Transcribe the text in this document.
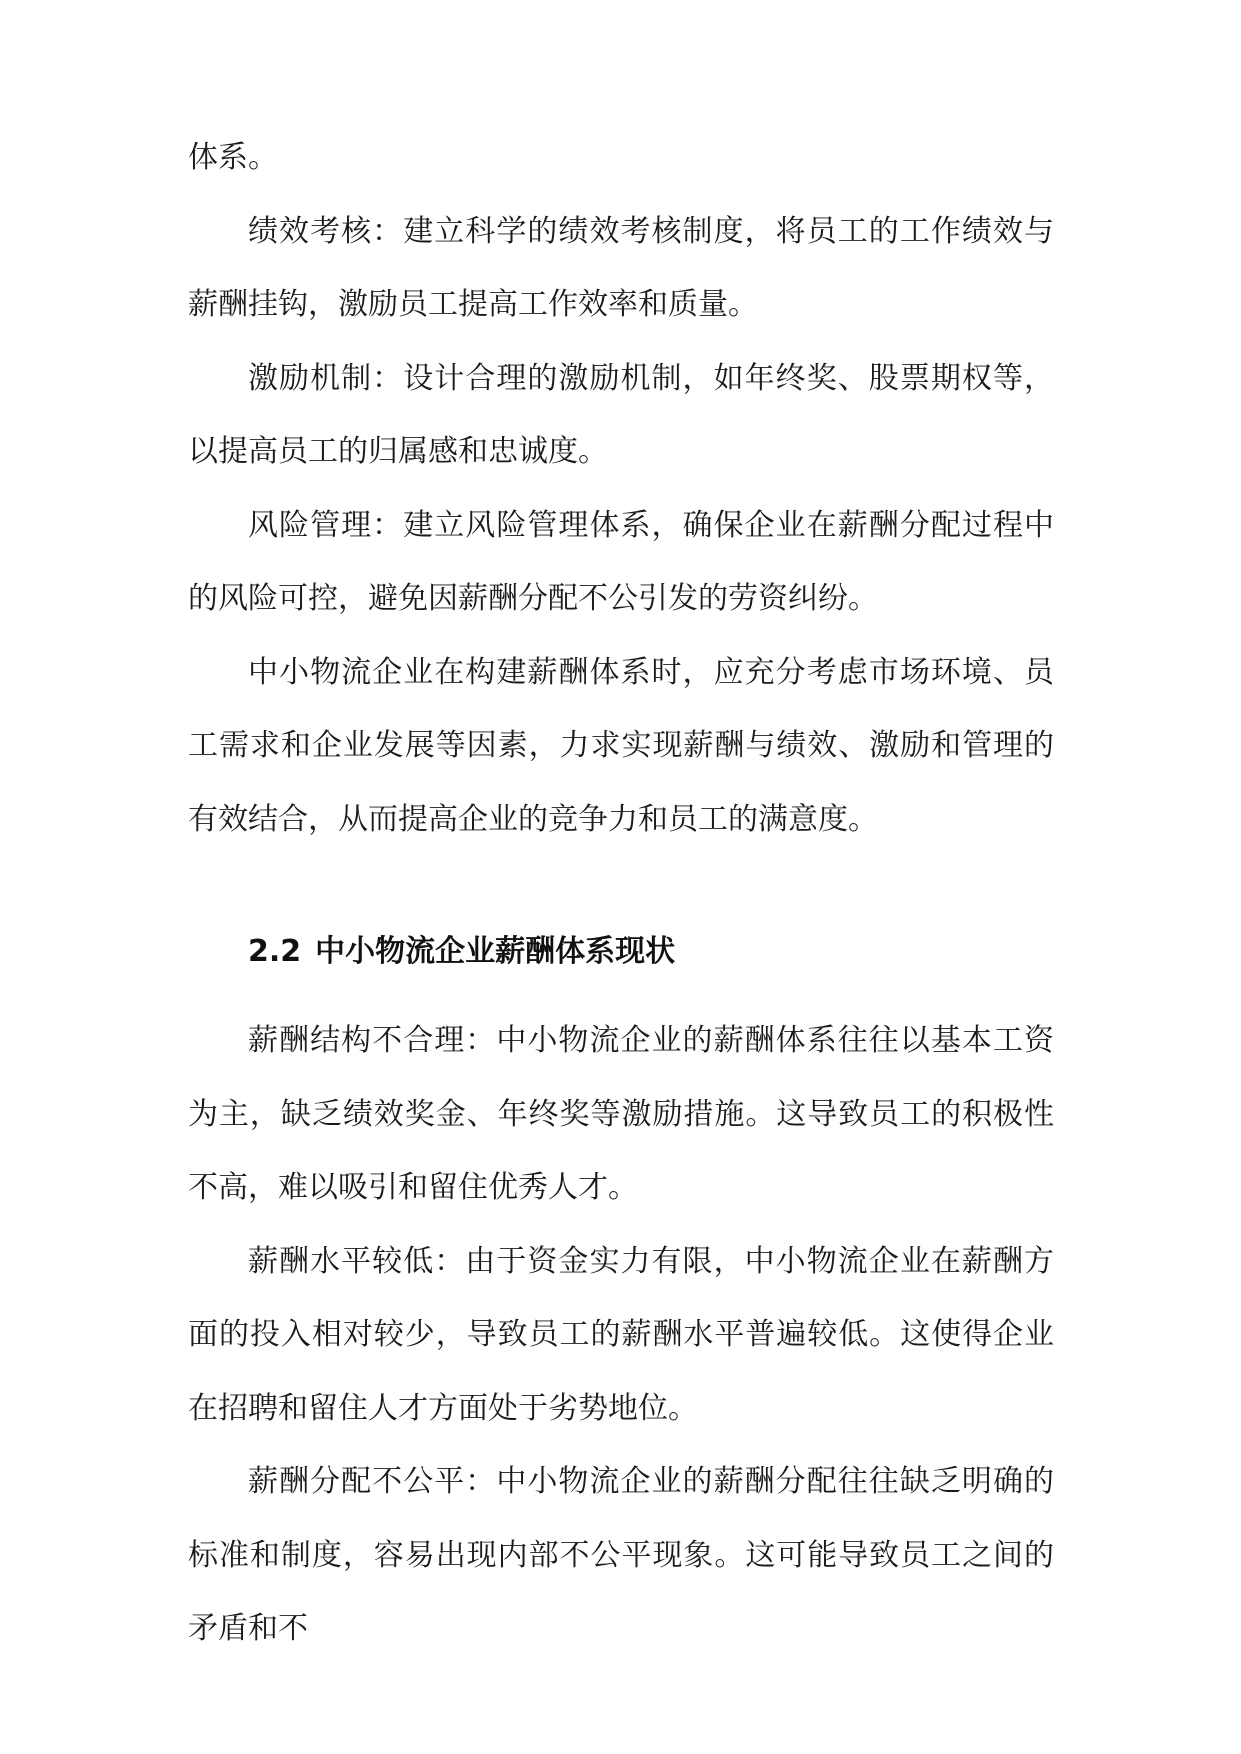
体系。
绩效考核：建立科学的绩效考核制度，将员工的工作绩效与薪酬挂钩，激励员工提高工作效率和质量。
激励机制：设计合理的激励机制，如年终奖、股票期权等，以提高员工的归属感和忠诚度。
风险管理：建立风险管理体系，确保企业在薪酬分配过程中的风险可控，避免因薪酬分配不公引发的劳资纠纷。
中小物流企业在构建薪酬体系时，应充分考虑市场环境、员工需求和企业发展等因素，力求实现薪酬与绩效、激励和管理的有效结合，从而提高企业的竞争力和员工的满意度。
2.2 中小物流企业薪酬体系现状
薪酬结构不合理：中小物流企业的薪酬体系往往以基本工资为主，缺乏绩效奖金、年终奖等激励措施。这导致员工的积极性不高，难以吸引和留住优秀人才。
薪酬水平较低：由于资金实力有限，中小物流企业在薪酬方面的投入相对较少，导致员工的薪酬水平普遍较低。这使得企业在招聘和留住人才方面处于劣势地位。
薪酬分配不公平：中小物流企业的薪酬分配往往缺乏明确的标准和制度，容易出现内部不公平现象。这可能导致员工之间的矛盾和不
